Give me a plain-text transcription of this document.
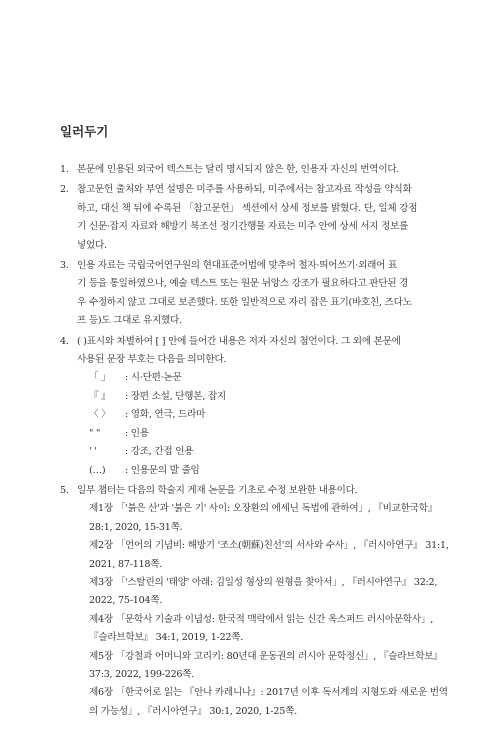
일러두기
1. 본문에 인용된 외국어 텍스트는 달리 명시되지 않은 한, 인용자 자신의 번역이다.
2. 참고문헌 출처와 부연 설명은 미주를 사용하되, 미주에서는 참고자료 작성을 약식화
하고, 대신 책 뒤에 수록된 「참고문헌」 섹션에서 상세 정보를 밝혔다. 단, 일체 강점
기 신문·잡지 자료와 해방기 북조선 정기간행물 자료는 미주 안에 상세 서지 정보를
넣었다.
3. 인용 자료는 국립국어연구원의 현대표준어법에 맞추어 철자·띄어쓰기·외래어 표
기 등을 통일하였으나, 예술 텍스트 또는 원문 뉘앙스 강조가 필요하다고 판단된 경
우 수정하지 않고 그대로 보존했다. 또한 일반적으로 자리 잡은 표기(바호친, 즈다노
프 등)도 그대로 유지했다.
4. ( )표시와 차별하여 [ ] 안에 들어간 내용은 저자 자신의 첨언이다. 그 외에 본문에
사용된 문장 부호는 다음을 의미한다.
「 」 : 시·단편·논문
『 』 : 장편 소설, 단행본, 잡지
〈 〉 : 영화, 연극, 드라마
" "	: 인용
' '	: 강조, 간접 인용
(…) : 인용문의 발 줄임
5. 일부 챕터는 다음의 학술지 게재 논문을 기초로 수정 보완한 내용이다.
제1장 「'붉은 산'과 '붉은 기' 사이: 오장환의 에세닌 독법에 관하여」, 『비교한국학』
28:1, 2020, 15-31쪽.
제2장 「언어의 기념비: 해방기 '조소(朝蘇)친선'의 서사와 수사」, 『러시아연구』 31:1,
2021, 87-118쪽.
제3장 「'스탈린의 '태양' 아래: 김일성 형상의 원형을 찾아서」, 『러시아연구』 32:2,
2022, 75-104쪽.
제4장 「문학사 기술과 이념성: 한국적 맥락에서 읽는 신간 옥스퍼드 러시아문학사」,
『슬라브학보』 34:1, 2019, 1-22쪽.
제5장 「강철과 어머니와 고리키: 80년대 운동권의 러시아 문학정신」, 『슬라브학보』
37:3, 2022, 199-226쪽.
제6장 「한국어로 읽는 『안나 카레니나』: 2017년 이후 독서계의 지형도와 새로운 번역
의 가능성」, 『러시아연구』 30:1, 2020, 1-25쪽.
